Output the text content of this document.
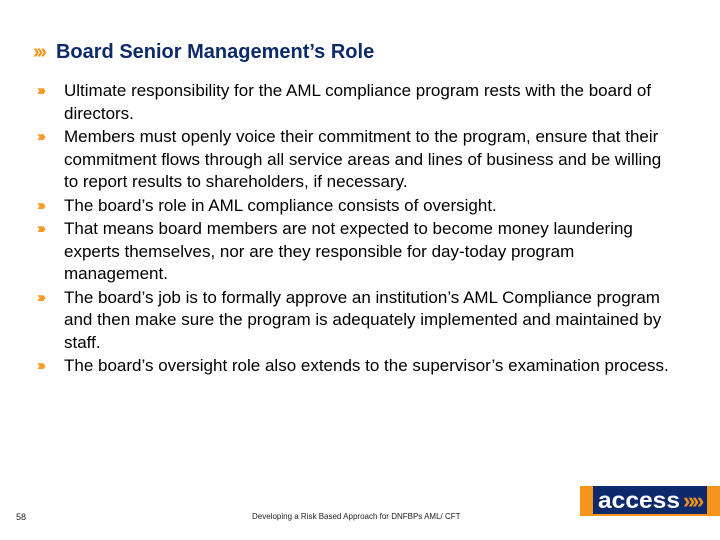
››› Board Senior Management’s Role
›››	Ultimate responsibility for the AML compliance program rests with the board of directors.
›››	Members must openly voice their commitment to the program, ensure that their commitment flows through all service areas and lines of business and be willing to report results to shareholders, if necessary.
›››	The board’s role in AML compliance consists of oversight.
›››	That means board members are not expected to become money laundering experts themselves, nor are they responsible for day-today program management.
›››	The board’s job is to formally approve an institution’s AML Compliance program and then make sure the program is adequately implemented and maintained by staff.
›››	The board’s oversight role also extends to the supervisor’s examination process.
58	Developing a Risk Based Approach for DNFBPs AML/ CFT
access »
»
